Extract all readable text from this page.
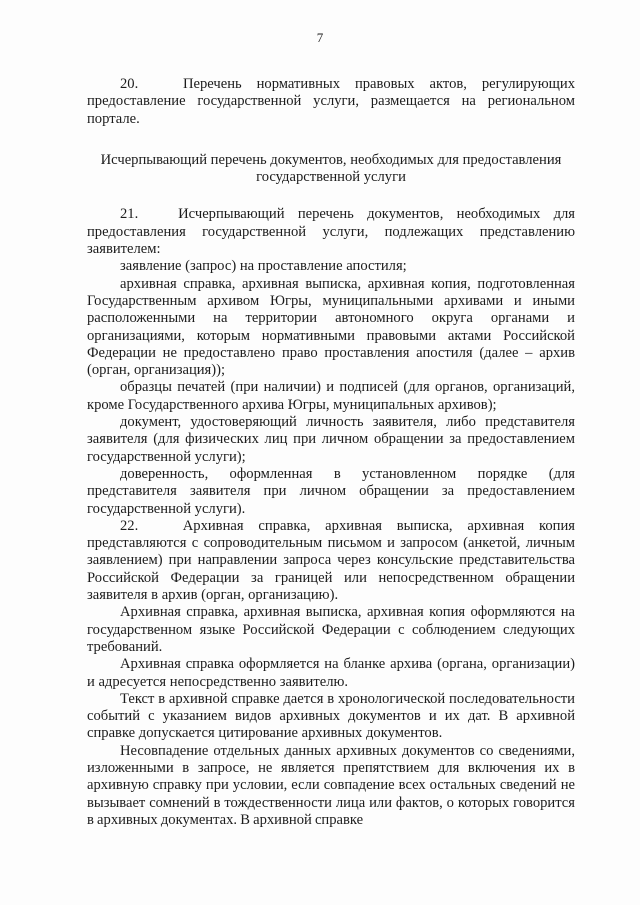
7

20.   Перечень нормативных правовых актов, регулирующих предоставление государственной услуги, размещается на региональном портале.

Исчерпывающий перечень документов, необходимых для предоставления государственной услуги

21.   Исчерпывающий перечень документов, необходимых для предоставления государственной услуги, подлежащих представлению заявителем:

заявление (запрос) на проставление апостиля;

архивная справка, архивная выписка, архивная копия, подготовленная Государственным архивом Югры, муниципальными архивами и иными расположенными на территории автономного округа органами и организациями, которым нормативными правовыми актами Российской Федерации не предоставлено право проставления апостиля (далее – архив (орган, организация));

образцы печатей (при наличии) и подписей (для органов, организаций, кроме Государственного архива Югры, муниципальных архивов);

документ, удостоверяющий личность заявителя, либо представителя заявителя (для физических лиц при личном обращении за предоставлением государственной услуги);

доверенность, оформленная в установленном порядке (для представителя заявителя при личном обращении за предоставлением государственной услуги).

22.   Архивная справка, архивная выписка, архивная копия представляются с сопроводительным письмом и запросом (анкетой, личным заявлением) при направлении запроса через консульские представительства Российской Федерации за границей или непосредственном обращении заявителя в архив (орган, организацию).

Архивная справка, архивная выписка, архивная копия оформляются на государственном языке Российской Федерации с соблюдением следующих требований.

Архивная справка оформляется на бланке архива (органа, организации) и адресуется непосредственно заявителю.

Текст в архивной справке дается в хронологической последовательности событий с указанием видов архивных документов и их дат. В архивной справке допускается цитирование архивных документов.

Несовпадение отдельных данных архивных документов со сведениями, изложенными в запросе, не является препятствием для включения их в архивную справку при условии, если совпадение всех остальных сведений не вызывает сомнений в тождественности лица или фактов, о которых говорится в архивных документах. В архивной справке
